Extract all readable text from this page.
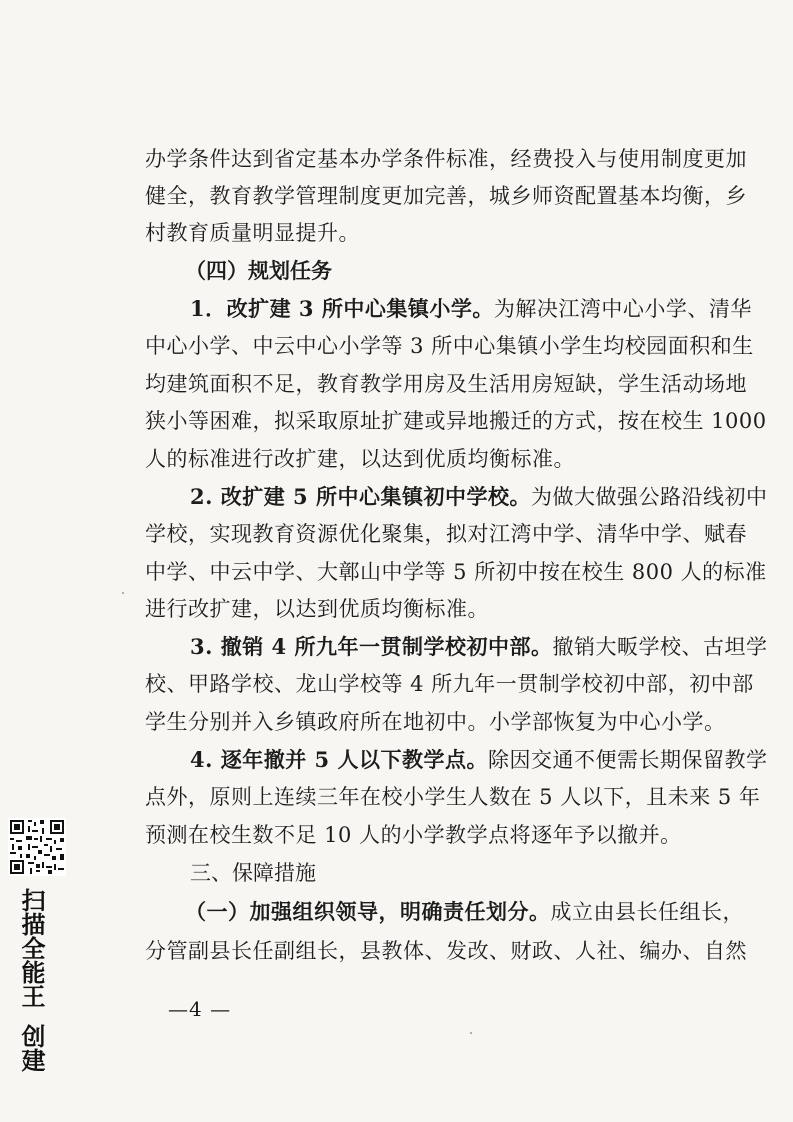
办学条件达到省定基本办学条件标准，经费投入与使用制度更加
健全，教育教学管理制度更加完善，城乡师资配置基本均衡，乡
村教育质量明显提升。
（四）规划任务
1．改扩建 3 所中心集镇小学。为解决江湾中心小学、清华
中心小学、中云中心小学等 3 所中心集镇小学生均校园面积和生
均建筑面积不足，教育教学用房及生活用房短缺，学生活动场地
狭小等困难，拟采取原址扩建或异地搬迁的方式，按在校生 1000
人的标准进行改扩建，以达到优质均衡标准。
2. 改扩建 5 所中心集镇初中学校。为做大做强公路沿线初中
学校，实现教育资源优化聚集，拟对江湾中学、清华中学、赋春
中学、中云中学、大鄣山中学等 5 所初中按在校生 800 人的标准
进行改扩建，以达到优质均衡标准。
3. 撤销 4 所九年一贯制学校初中部。撤销大畈学校、古坦学
校、甲路学校、龙山学校等 4 所九年一贯制学校初中部，初中部
学生分别并入乡镇政府所在地初中。小学部恢复为中心小学。
4. 逐年撤并 5 人以下教学点。除因交通不便需长期保留教学
点外，原则上连续三年在校小学生人数在 5 人以下，且未来 5 年
预测在校生数不足 10 人的小学教学点将逐年予以撤并。
三、保障措施
（一）加强组织领导，明确责任划分。成立由县长任组长，
分管副县长任副组长，县教体、发改、财政、人社、编办、自然
—4 —
扫描全能王创建
